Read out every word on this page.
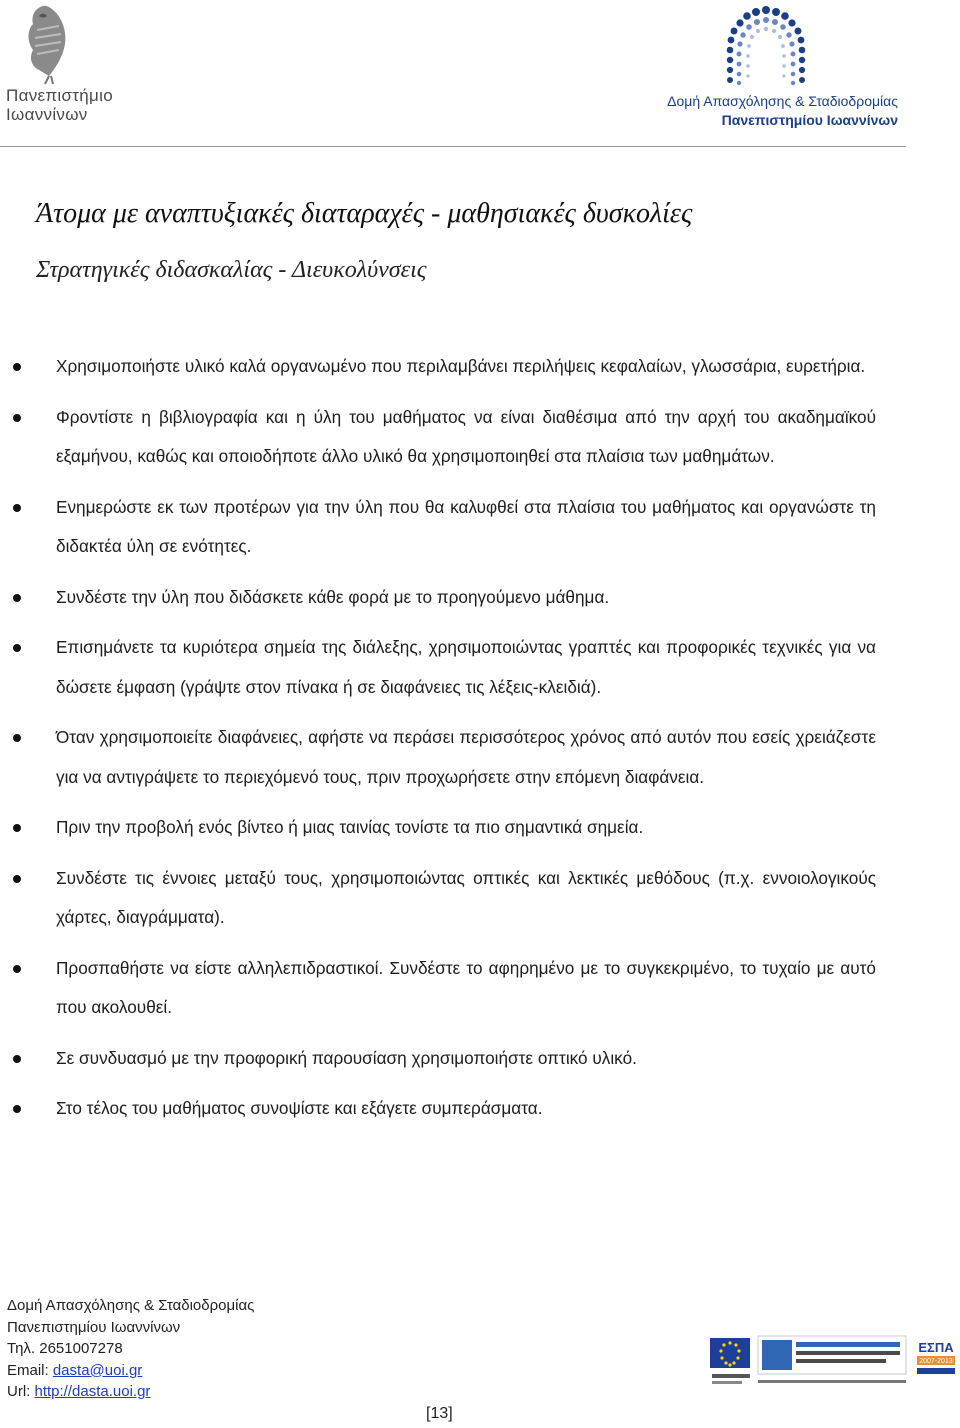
Πανεπιστήμιο
Ιωαννίνων
Δομή Απασχόλησης & Σταδιοδρομίας
Πανεπιστημίου Ιωαννίνων
Άτομα με αναπτυξιακές διαταραχές - μαθησιακές δυσκολίες
Στρατηγικές διδασκαλίας - Διευκολύνσεις
Χρησιμοποιήστε υλικό καλά οργανωμένο που περιλαμβάνει περιλήψεις κεφαλαίων, γλωσσάρια, ευρετήρια.
Φροντίστε η βιβλιογραφία και η ύλη του μαθήματος να είναι διαθέσιμα από την αρχή του ακαδημαϊκού εξαμήνου, καθώς και οποιοδήποτε άλλο υλικό θα χρησιμοποιηθεί στα πλαίσια των μαθημάτων.
Ενημερώστε εκ των προτέρων για την ύλη που θα καλυφθεί στα πλαίσια του μαθήματος και οργανώστε τη διδακτέα ύλη σε ενότητες.
Συνδέστε την ύλη που διδάσκετε κάθε φορά με το προηγούμενο μάθημα.
Επισημάνετε τα κυριότερα σημεία της διάλεξης, χρησιμοποιώντας γραπτές και προφορικές τεχνικές για να δώσετε έμφαση (γράψτε στον πίνακα ή σε διαφάνειες τις λέξεις-κλειδιά).
Όταν χρησιμοποιείτε διαφάνειες, αφήστε να περάσει περισσότερος χρόνος από αυτόν που εσείς χρειάζεστε για να αντιγράψετε το περιεχόμενό τους, πριν προχωρήσετε στην επόμενη διαφάνεια.
Πριν την προβολή ενός βίντεο ή μιας ταινίας τονίστε τα πιο σημαντικά σημεία.
Συνδέστε τις έννοιες μεταξύ τους, χρησιμοποιώντας οπτικές και λεκτικές μεθόδους (π.χ. εννοιολογικούς χάρτες, διαγράμματα).
Προσπαθήστε να είστε αλληλεπιδραστικοί. Συνδέστε το αφηρημένο με το συγκεκριμένο, το τυχαίο με αυτό που ακολουθεί.
Σε συνδυασμό με την προφορική παρουσίαση χρησιμοποιήστε οπτικό υλικό.
Στο τέλος του μαθήματος συνοψίστε και εξάγετε συμπεράσματα.
Δομή Απασχόλησης & Σταδιοδρομίας
Πανεπιστημίου Ιωαννίνων
Τηλ. 2651007278
Email: dasta@uoi.gr
Url: http://dasta.uoi.gr
ΕΣΠΑ
2007-2013
[13]
